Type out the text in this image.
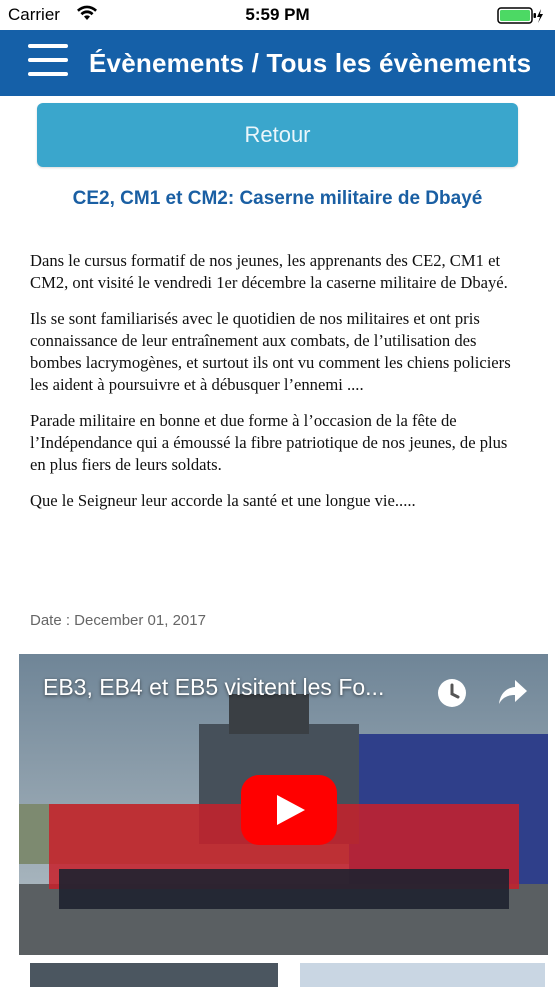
Carrier	5:59 PM
Évènements / Tous les évènements
Retour
CE2, CM1 et CM2: Caserne militaire de Dbayé

Dans le cursus formatif de nos jeunes, les apprenants des CE2, CM1 et CM2, ont visité le vendredi 1er décembre la caserne militaire de Dbayé.

Ils se sont familiarisés avec le quotidien de nos militaires et ont pris connaissance de leur entraînement aux combats, de l’utilisation des bombes lacrymogènes, et surtout ils ont vu comment les chiens policiers les aident à poursuivre et à débusquer l’ennemi ....

Parade militaire en bonne et due forme à l’occasion de la fête de l’Indépendance qui a émoussé la fibre patriotique de nos jeunes, de plus en plus fiers de leurs soldats.

Que le Seigneur leur accorde la santé et une longue vie.....

Date : December 01, 2017
EB3, EB4 et EB5 visitent les Fo...
